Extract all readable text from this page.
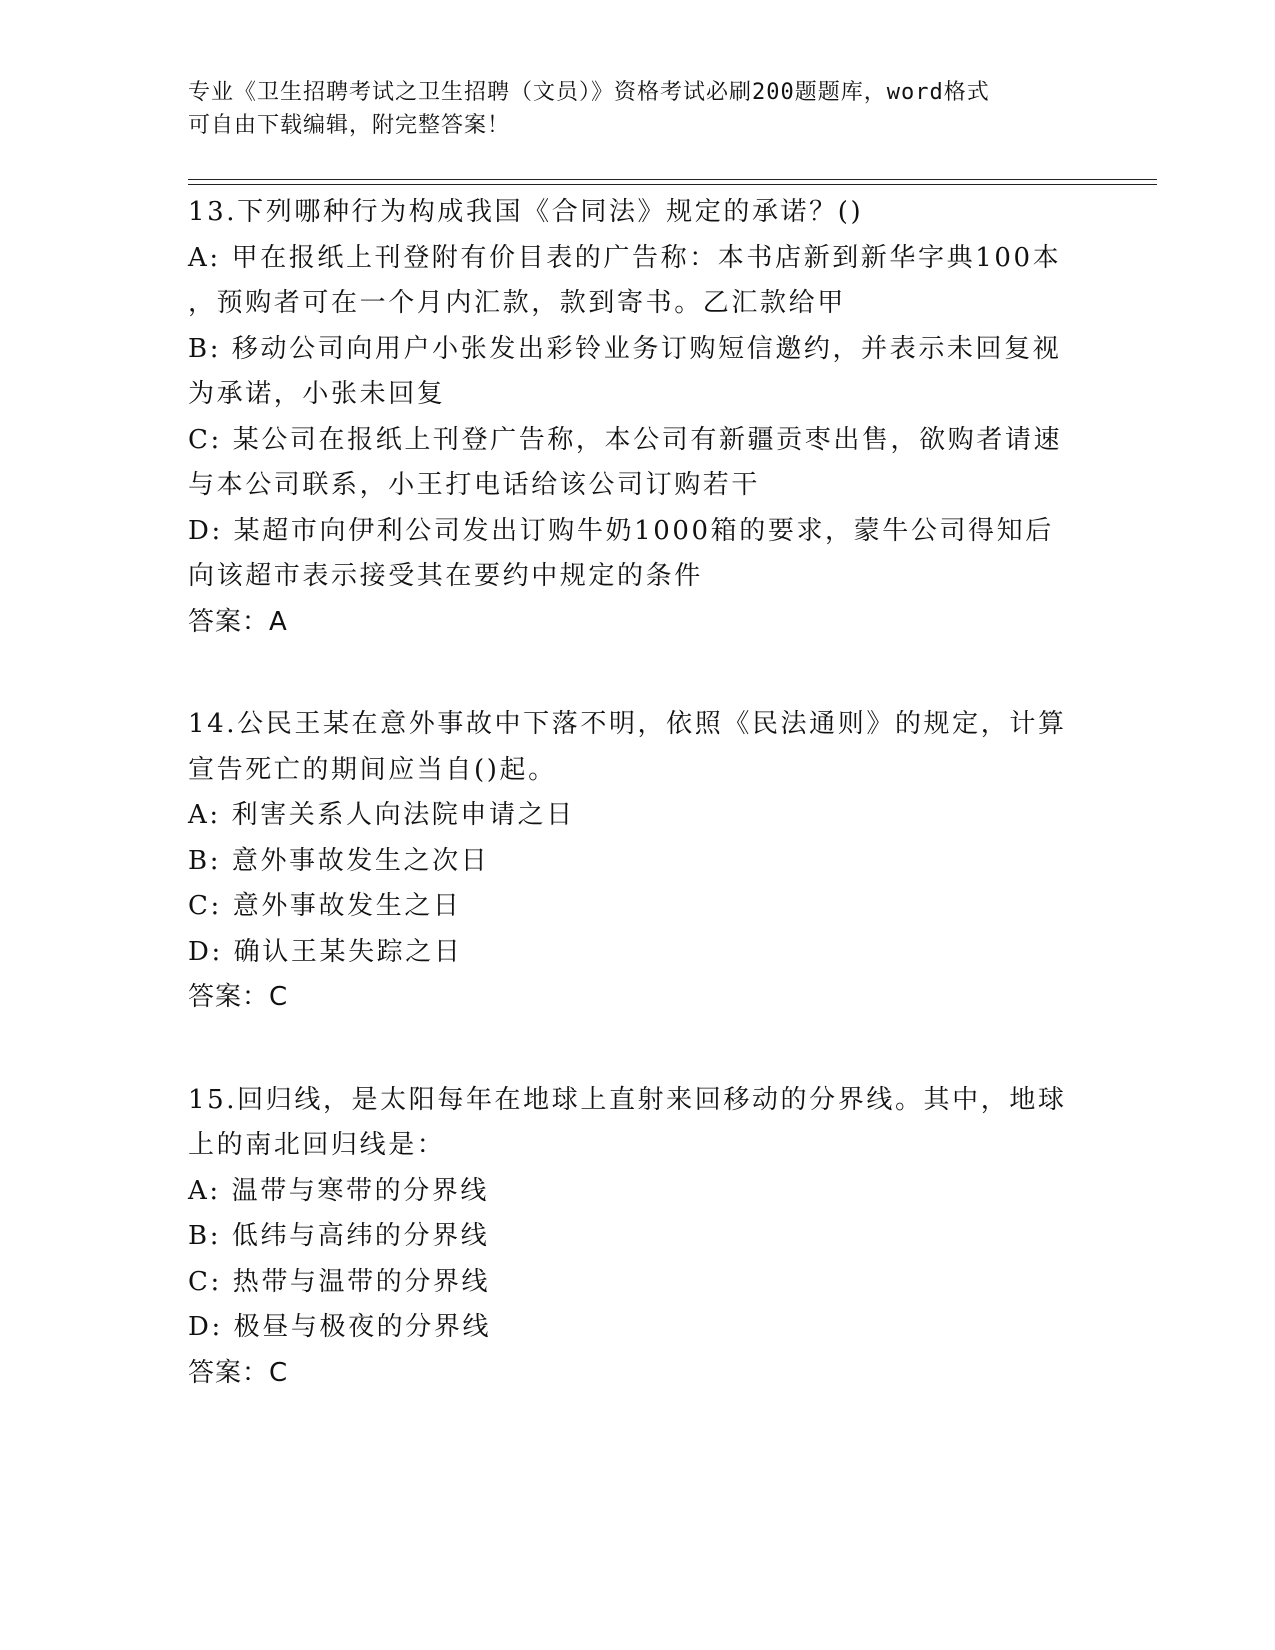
专业《卫生招聘考试之卫生招聘（文员）》资格考试必刷200题题库，word格式
可自由下载编辑，附完整答案！
13.下列哪种行为构成我国《合同法》规定的承诺？()
A: 甲在报纸上刊登附有价目表的广告称：本书店新到新华字典100本
，预购者可在一个月内汇款，款到寄书。乙汇款给甲
B: 移动公司向用户小张发出彩铃业务订购短信邀约，并表示未回复视
为承诺，小张未回复
C: 某公司在报纸上刊登广告称，本公司有新疆贡枣出售，欲购者请速
与本公司联系，小王打电话给该公司订购若干
D: 某超市向伊利公司发出订购牛奶1000箱的要求，蒙牛公司得知后
向该超市表示接受其在要约中规定的条件
答案：A
14.公民王某在意外事故中下落不明，依照《民法通则》的规定，计算
宣告死亡的期间应当自()起。
A: 利害关系人向法院申请之日
B: 意外事故发生之次日
C: 意外事故发生之日
D: 确认王某失踪之日
答案：C
15.回归线，是太阳每年在地球上直射来回移动的分界线。其中，地球
上的南北回归线是：
A: 温带与寒带的分界线
B: 低纬与高纬的分界线
C: 热带与温带的分界线
D: 极昼与极夜的分界线
答案：C
